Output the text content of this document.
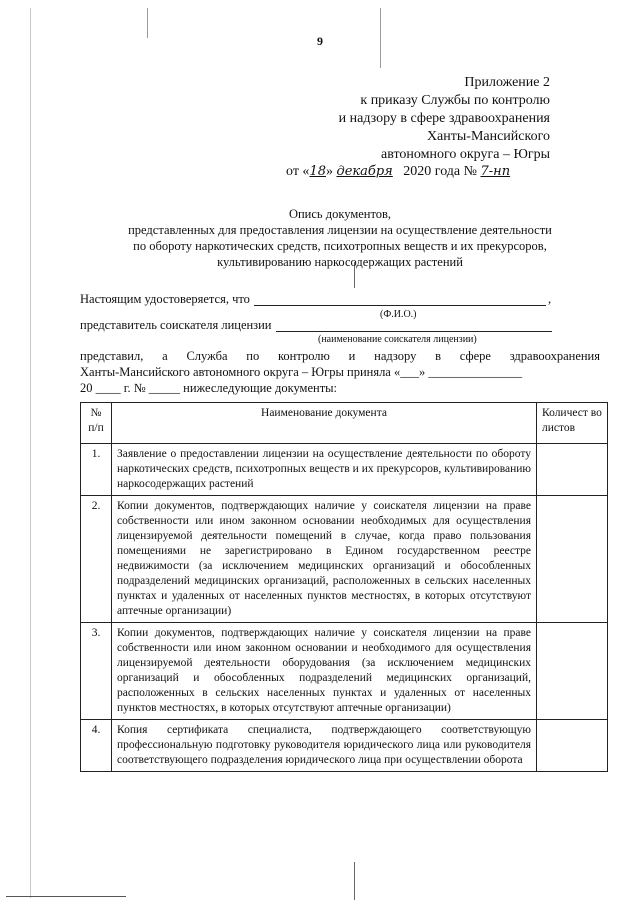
9
Приложение 2
к приказу Службы по контролю
и надзору в сфере здравоохранения
Ханты-Мансийского
автономного округа – Югры
от «18» декабря 2020 года № 7-нп
Опись документов,
представленных для предоставления лицензии на осуществление деятельности
по обороту наркотических средств, психотропных веществ и их прекурсоров,
культивированию наркосодержащих растений
Настоящим удостоверяется, что	,
(Ф.И.О.)
представитель соискателя лицензии
(наименование соискателя лицензии)
представил, а Служба по контролю и надзору в сфере здравоохранения
Ханты-Мансийского автономного округа – Югры приняла «___» _______________
20 ____ г. № _____ нижеследующие документы:
№ п/п	Наименование документа	Количест во листов
1.	Заявление о предоставлении лицензии на осуществление деятельности по обороту наркотических средств, психотропных веществ и их прекурсоров, культивированию наркосодержащих растений	
2.	Копии документов, подтверждающих наличие у соискателя лицензии на праве собственности или ином законном основании необходимых для осуществления лицензируемой деятельности помещений в случае, когда право пользования помещениями не зарегистрировано в Едином государственном реестре недвижимости (за исключением медицинских организаций и обособленных подразделений медицинских организаций, расположенных в сельских населенных пунктах и удаленных от населенных пунктов местностях, в которых отсутствуют аптечные организации)	
3.	Копии документов, подтверждающих наличие у соискателя лицензии на праве собственности или ином законном основании и необходимого для осуществления лицензируемой деятельности оборудования (за исключением медицинских организаций и обособленных подразделений медицинских организаций, расположенных в сельских населенных пунктах и удаленных от населенных пунктов местностях, в которых отсутствуют аптечные организации)	
4.	Копия сертификата специалиста, подтверждающего соответствующую профессиональную подготовку руководителя юридического лица или руководителя соответствующего подразделения юридического лица при осуществлении оборота	
